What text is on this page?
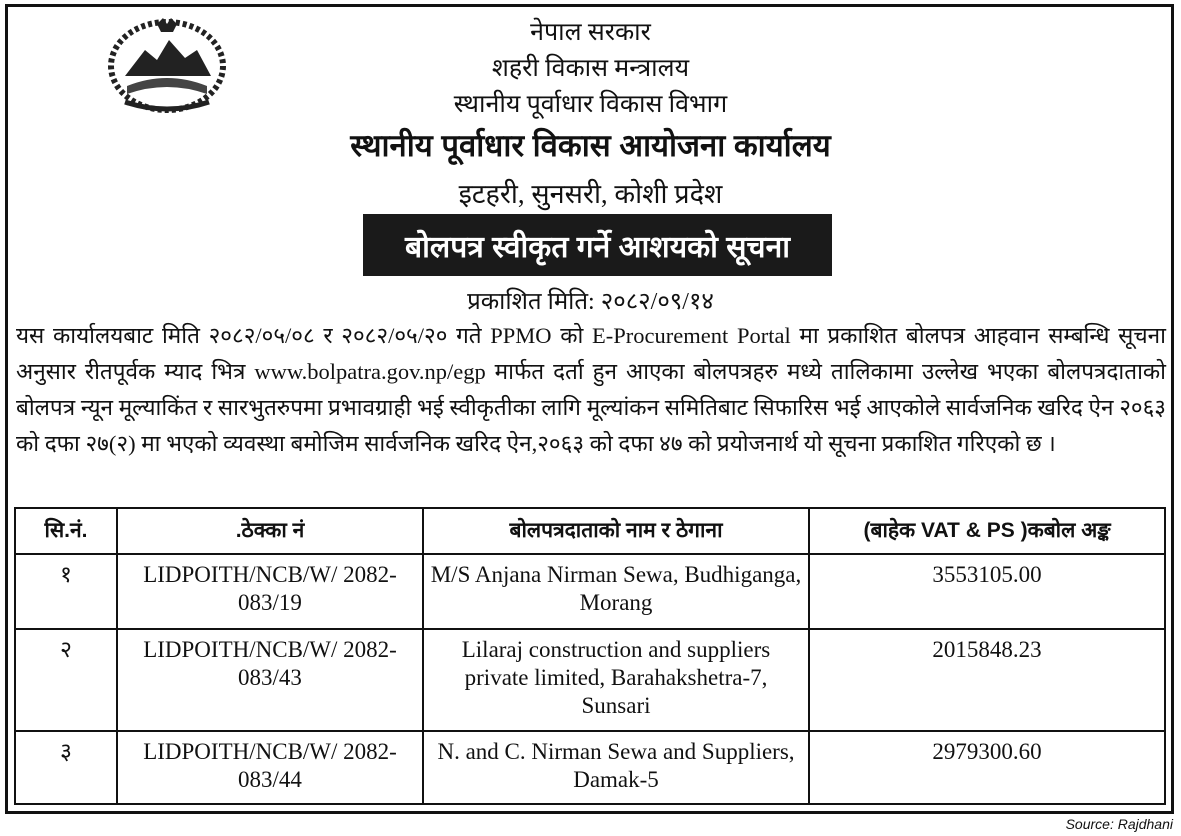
नेपाल सरकार
शहरी विकास मन्त्रालय
स्थानीय पूर्वाधार विकास विभाग
स्थानीय पूर्वाधार विकास आयोजना कार्यालय
इटहरी, सुनसरी, कोशी प्रदेश
बोलपत्र स्वीकृत गर्ने आशयको सूचना
प्रकाशित मिति: २०८२/०९/१४
यस कार्यालयबाट मिति २०८२/०५/०८ र २०८२/०५/२० गते PPMO को E-Procurement Portal मा प्रकाशित बोलपत्र आहवान सम्बन्धि सूचना अनुसार रीतपूर्वक म्याद भित्र www.bolpatra.gov.np/egp मार्फत दर्ता हुन आएका बोलपत्रहरु मध्ये तालिकामा उल्लेख भएका बोलपत्रदाताको बोलपत्र न्यून मूल्याकिंत र सारभुतरुपमा प्रभावग्राही भई स्वीकृतीका लागि मूल्यांकन समितिबाट सिफारिस भई आएकोले सार्वजनिक खरिद ऐन २०६३ को दफा २७(२) मा भएको व्यवस्था बमोजिम सार्वजनिक खरिद ऐन,२०६३ को दफा ४७ को प्रयोजनार्थ यो सूचना प्रकाशित गरिएको छ ।
सि.नं.	.ठेक्का नं	बोलपत्रदाताको नाम र ठेगाना	(बाहेक VAT & PS )कबोल अङ्क
१	LIDPOITH/NCB/W/ 2082-083/19	M/S Anjana Nirman Sewa, Budhiganga, Morang	3553105.00
२	LIDPOITH/NCB/W/ 2082-083/43	Lilaraj construction and suppliers private limited, Barahakshetra-7, Sunsari	2015848.23
३	LIDPOITH/NCB/W/ 2082-083/44	N. and C. Nirman Sewa and Suppliers, Damak-5	2979300.60
Source: Rajdhani
